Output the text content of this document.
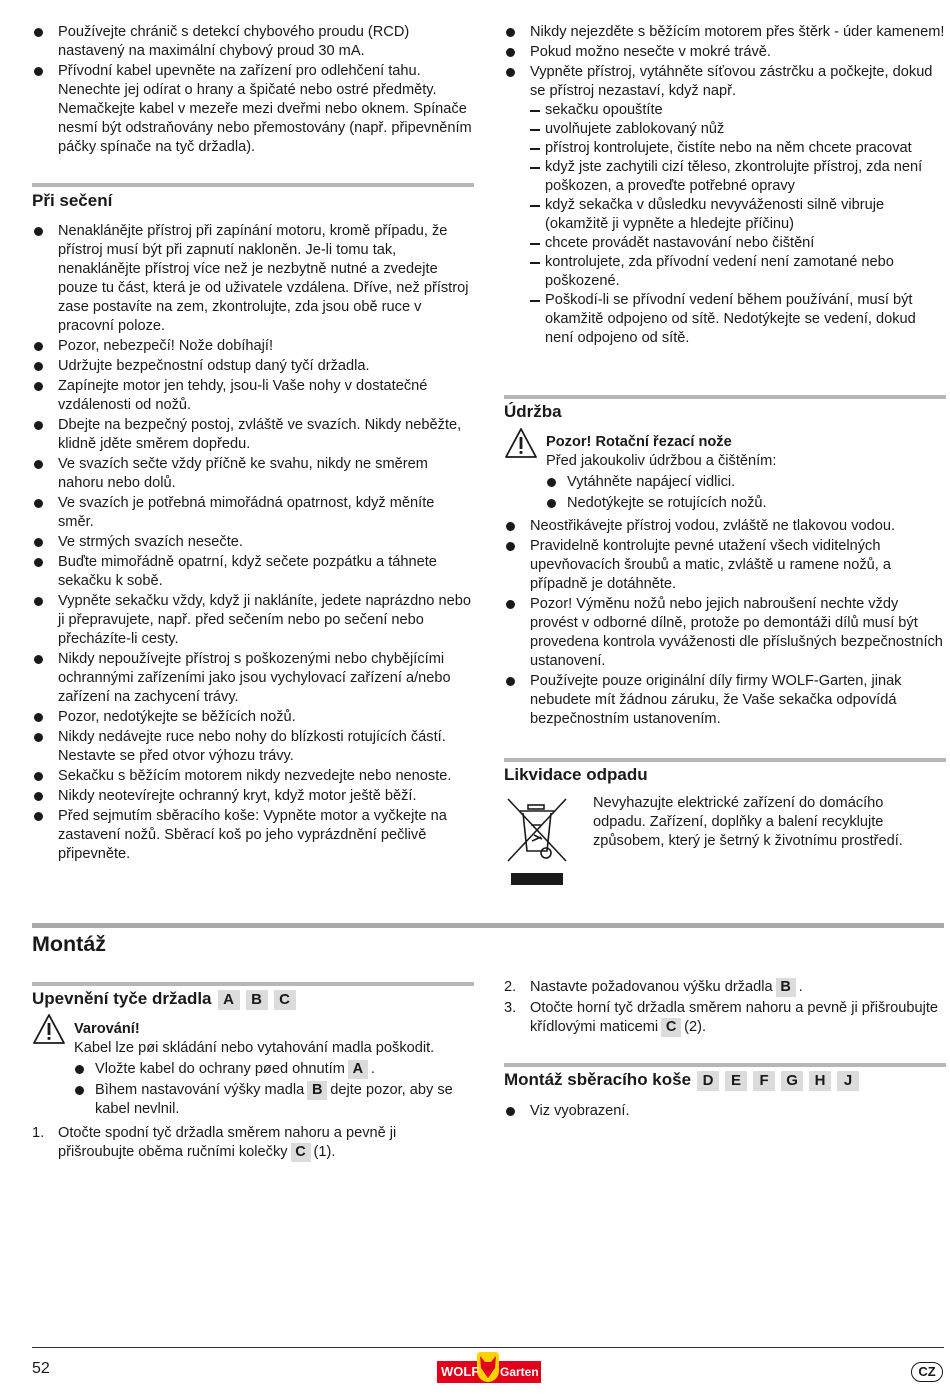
Používejte chránič s detekcí chybového proudu (RCD) nastavený na maximální chybový proud 30 mA.
Přívodní kabel upevněte na zařízení pro odlehčení tahu. Nenechte jej odírat o hrany a špičaté nebo ostré předměty. Nemačkejte kabel v mezeře mezi dveřmi nebo oknem. Spínače nesmí být odstraňovány nebo přemostovány (např. připevněním páčky spínače na tyč držadla).
Při sečení
Nenaklánějte přístroj při zapínání motoru, kromě případu, že přístroj musí být při zapnutí nakloněn. Je-li tomu tak, nenaklánějte přístroj více než je nezbytně nutné a zvedejte pouze tu část, která je od uživatele vzdálena. Dříve, než přístroj zase postavíte na zem, zkontrolujte, zda jsou obě ruce v pracovní poloze.
Pozor, nebezpečí! Nože dobíhají!
Udržujte bezpečnostní odstup daný tyčí držadla.
Zapínejte motor jen tehdy, jsou-li Vaše nohy v dostatečné vzdálenosti od nožů.
Dbejte na bezpečný postoj, zvláště ve svazích. Nikdy neběžte, klidně jděte směrem dopředu.
Ve svazích sečte vždy příčně ke svahu, nikdy ne směrem nahoru nebo dolů.
Ve svazích je potřebná mimořádná opatrnost, když měníte směr.
Ve strmých svazích nesečte.
Buďte mimořádně opatrní, když sečete pozpátku a táhnete sekačku k sobě.
Vypněte sekačku vždy, když ji nakláníte, jedete naprázdno nebo ji přepravujete, např. před sečením nebo po sečení nebo přecházíte-li cesty.
Nikdy nepoužívejte přístroj s poškozenými nebo chybějícími ochrannými zařízeními jako jsou vychylovací zařízení a/nebo zařízení na zachycení trávy.
Pozor, nedotýkejte se běžících nožů.
Nikdy nedávejte ruce nebo nohy do blízkosti rotujících částí. Nestavte se před otvor výhozu trávy.
Sekačku s běžícím motorem nikdy nezvedejte nebo nenoste.
Nikdy neotevírejte ochranný kryt, když motor ještě běží.
Před sejmutím sběracího koše: Vypněte motor a vyčkejte na zastavení nožů. Sběrací koš po jeho vyprázdnění pečlivě připevněte.
Nikdy nejezděte s běžícím motorem přes štěrk - úder kamenem!
Pokud možno nesečte v mokré trávě.
Vypněte přístroj, vytáhněte síťovou zástrčku a počkejte, dokud se přístroj nezastaví, když např.
sekačku opouštíte
uvolňujete zablokovaný nůž
přístroj kontrolujete, čistíte nebo na něm chcete pracovat
když jste zachytili cizí těleso, zkontrolujte přístroj, zda není poškozen, a proveďte potřebné opravy
když sekačka v důsledku nevyváženosti silně vibruje (okamžitě ji vypněte a hledejte příčinu)
chcete provádět nastavování nebo čištění
kontrolujete, zda přívodní vedení není zamotané nebo poškozené.
Poškodí-li se přívodní vedení během používání, musí být okamžitě odpojeno od sítě. Nedotýkejte se vedení, dokud není odpojeno od sítě.
Údržba
Pozor! Rotační řezací nože
Před jakoukoliv údržbou a čištěním:
Vytáhněte napájecí vidlici.
Nedotýkejte se rotujících nožů.
Neostřikávejte přístroj vodou, zvláště ne tlakovou vodou.
Pravidelně kontrolujte pevné utažení všech viditelných upevňovacích šroubů a matic, zvláště u ramene nožů, a případně je dotáhněte.
Pozor! Výměnu nožů nebo jejich nabroušení nechte vždy provést v odborné dílně, protože po demontáži dílů musí být provedena kontrola vyváženosti dle příslušných bezpečnostních ustanovení.
Používejte pouze originální díly firmy WOLF-Garten, jinak nebudete mít žádnou záruku, že Vaše sekačka odpovídá bezpečnostním ustanovením.
Likvidace odpadu
Nevyhazujte elektrické zařízení do domácího odpadu. Zařízení, doplňky a balení recyklujte způsobem, který je šetrný k životnímu prostředí.
Montáž
Upevnění tyče držadla A B C
Varování!
Kabel lze pøi skládání nebo vytahování madla poškodit.
Vložte kabel do ochrany pøed ohnutím A .
Bìhem nastavování výšky madla B dejte pozor, aby se kabel nevlnil.
1. Otočte spodní tyč držadla směrem nahoru a pevně ji přišroubujte oběma ručními kolečky C (1).
2. Nastavte požadovanou výšku držadla B .
3. Otočte horní tyč držadla směrem nahoru a pevně ji přišroubujte křídlovými maticemi C (2).
Montáž sběracího koše D E F G H J
Viz vyobrazení.
52	WOLF Garten	CZ
